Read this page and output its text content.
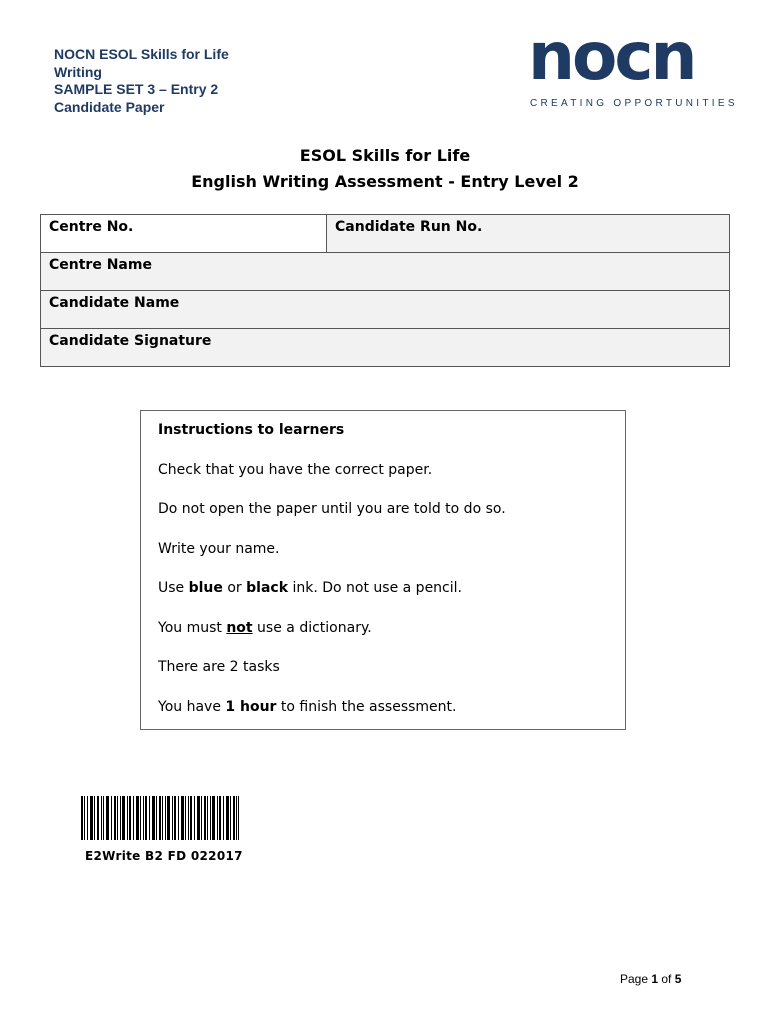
NOCN ESOL Skills for Life
Writing
SAMPLE SET 3 – Entry 2
Candidate Paper
nocn
CREATING OPPORTUNITIES
ESOL Skills for Life
English Writing Assessment - Entry Level 2
Centre No.	Candidate Run No.
Centre Name
Candidate Name
Candidate Signature
Instructions to learners
Check that you have the correct paper.
Do not open the paper until you are told to do so.
Write your name.
Use blue or black ink. Do not use a pencil.
You must not use a dictionary.
There are 2 tasks
You have 1 hour to finish the assessment.
E2Write B2 FD 022017
Page 1 of 5
